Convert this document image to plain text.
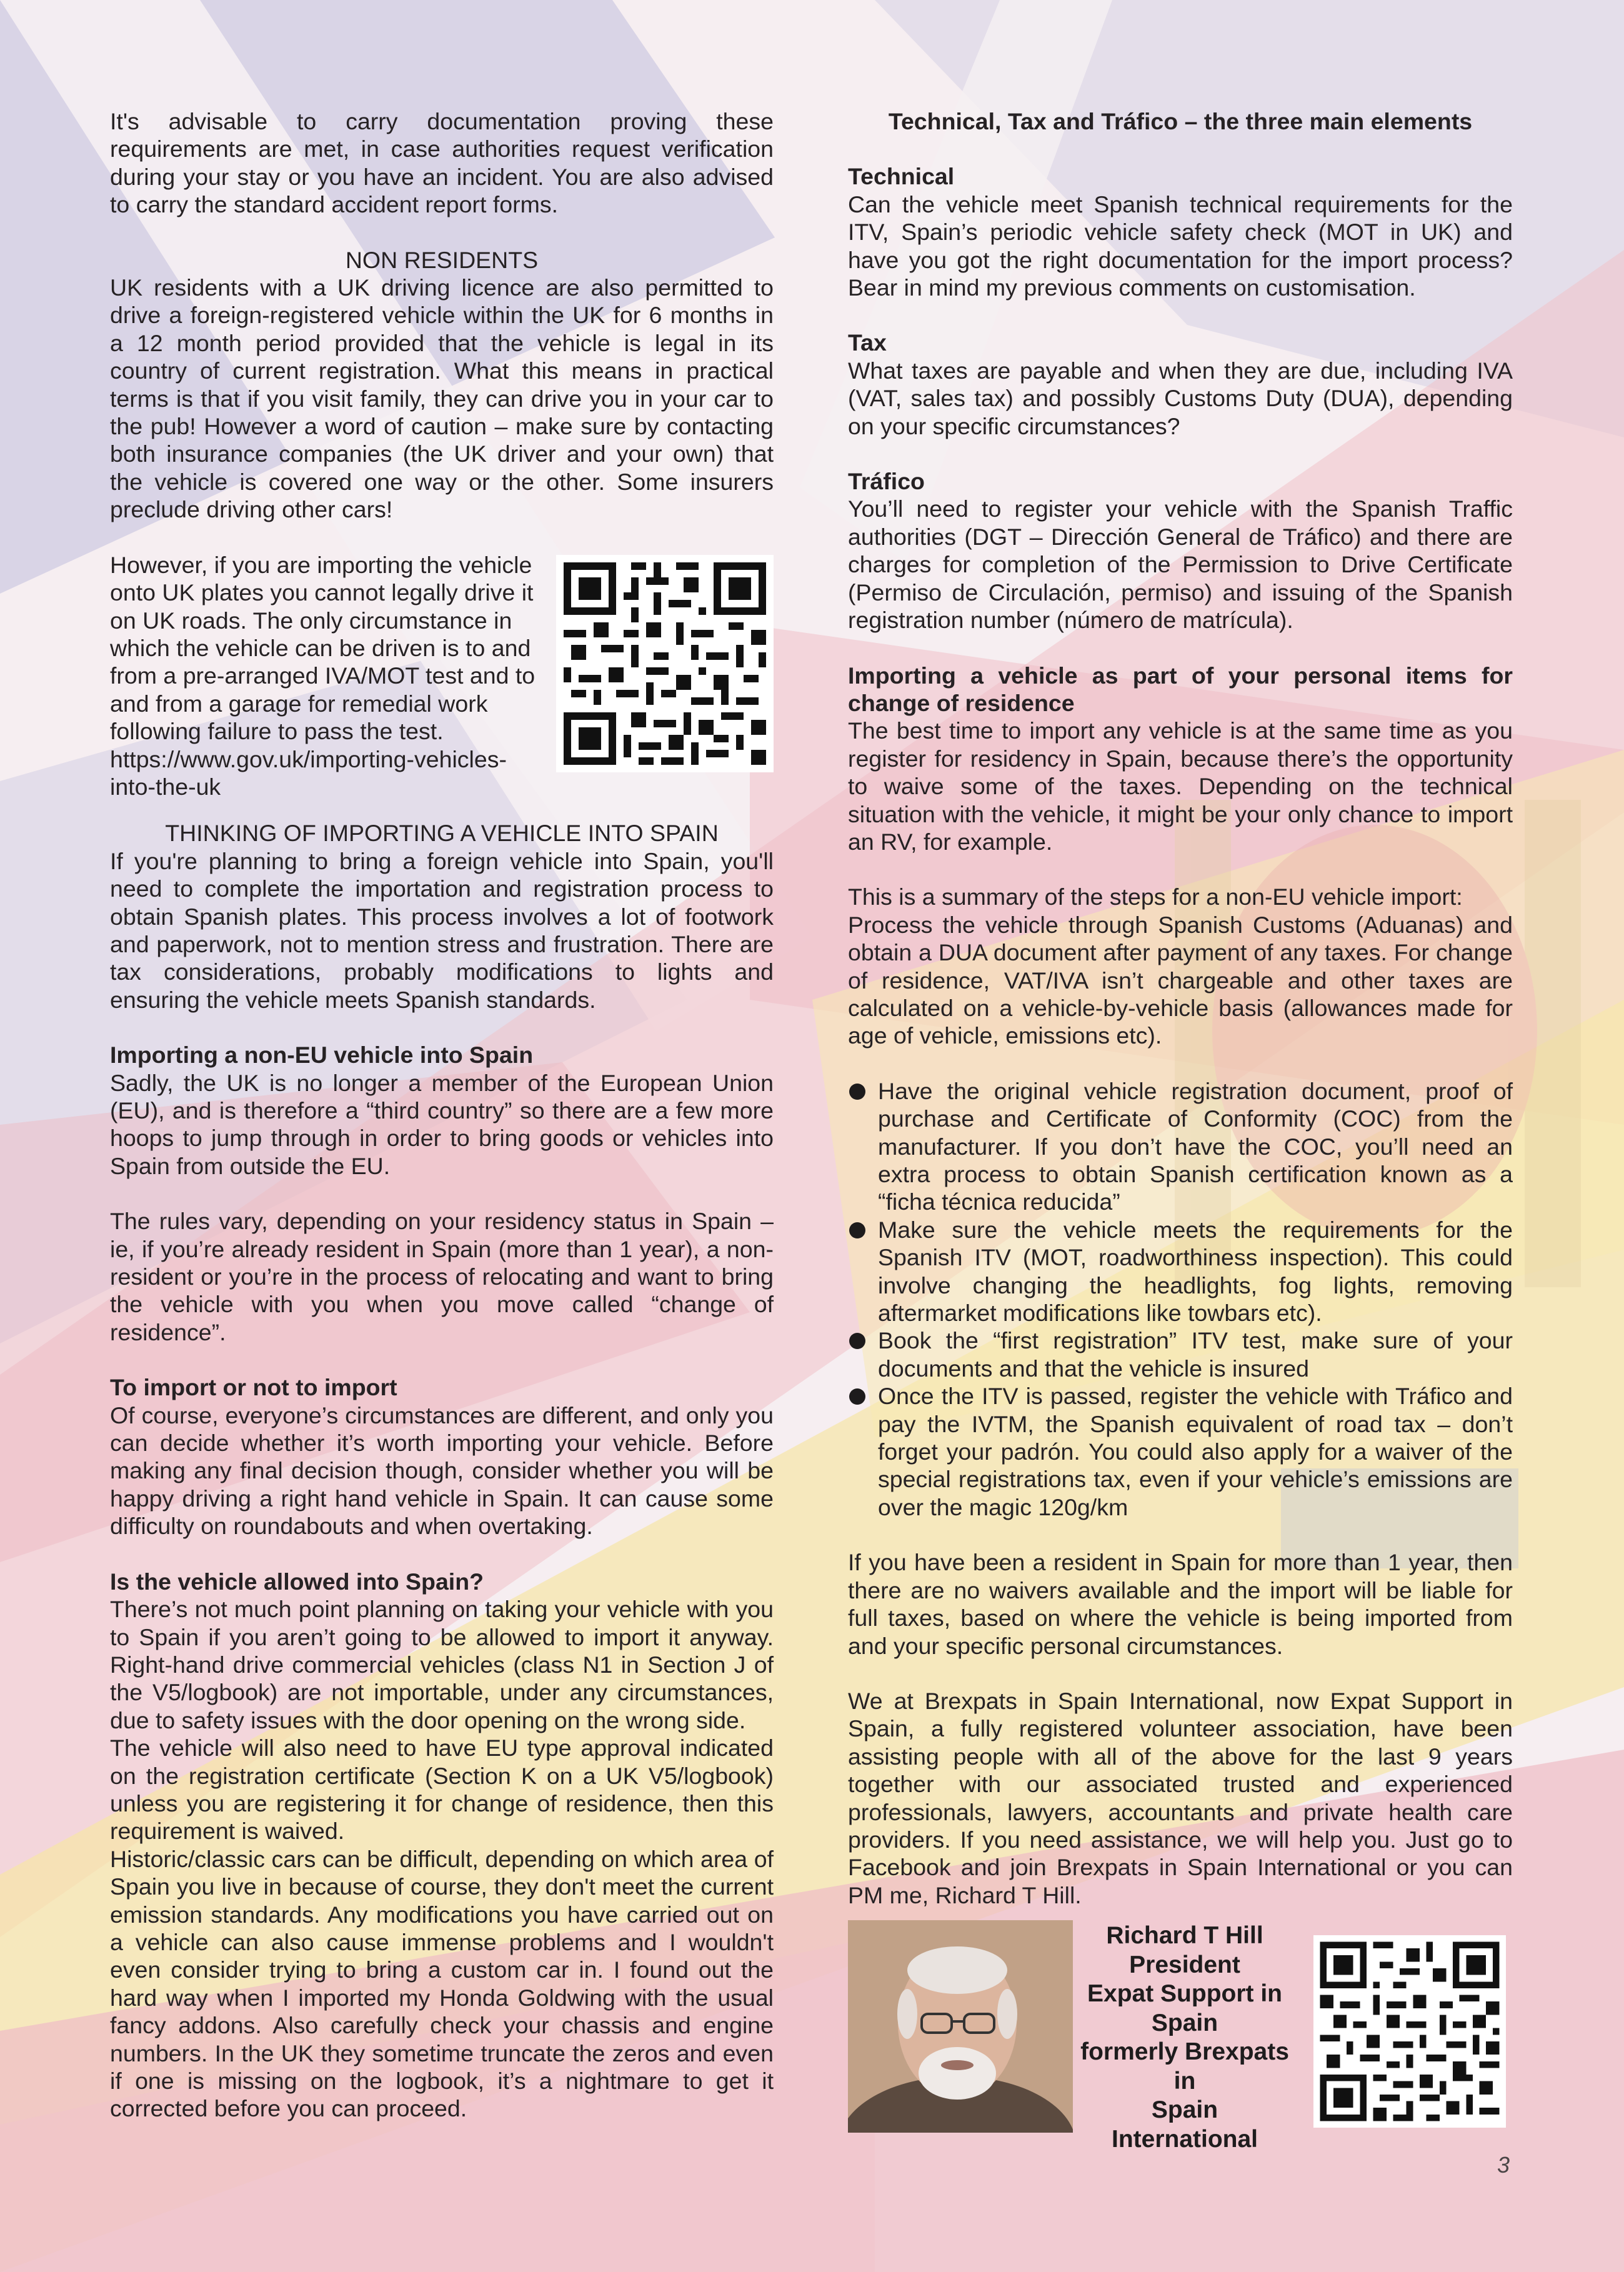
It's advisable to carry documentation proving these requirements are met, in case authorities request verification during your stay or you have an incident. You are also advised to carry the standard accident report forms.

NON RESIDENTS

UK residents with a UK driving licence are also permitted to drive a foreign-registered vehicle within the UK for 6 months in a 12 month period provided that the vehicle is legal in its country of current registration. What this means in practical terms is that if you visit family, they can drive you in your car to the pub! However a word of caution – make sure by contacting both insurance companies (the UK driver and your own) that the vehicle is covered one way or the other. Some insurers preclude driving other cars!

However, if you are importing the vehicle onto UK plates you cannot legally drive it on UK roads. The only circumstance in which the vehicle can be driven is to and from a pre-arranged IVA/MOT test and to and from a garage for remedial work following failure to pass the test.

https://www.gov.uk/importing-vehicles-into-the-uk

THINKING OF IMPORTING A VEHICLE INTO SPAIN

If you're planning to bring a foreign vehicle into Spain, you'll need to complete the importation and registration process to obtain Spanish plates. This process involves a lot of footwork and paperwork, not to mention stress and frustration. There are tax considerations, probably modifications to lights and ensuring the vehicle meets Spanish standards.

Importing a non-EU vehicle into Spain

Sadly, the UK is no longer a member of the European Union (EU), and is therefore a “third country” so there are a few more hoops to jump through in order to bring goods or vehicles into Spain from outside the EU.

The rules vary, depending on your residency status in Spain – ie, if you’re already resident in Spain (more than 1 year), a non-resident or you’re in the process of relocating and want to bring the vehicle with you when you move called “change of residence”.

To import or not to import

Of course, everyone’s circumstances are different, and only you can decide whether it’s worth importing your vehicle. Before making any final decision though, consider whether you will be happy driving a right hand vehicle in Spain. It can cause some difficulty on roundabouts and when overtaking.

Is the vehicle allowed into Spain?

There’s not much point planning on taking your vehicle with you to Spain if you aren’t going to be allowed to import it anyway. Right-hand drive commercial vehicles (class N1 in Section J of the V5/logbook) are not importable, under any circumstances, due to safety issues with the door opening on the wrong side.

The vehicle will also need to have EU type approval indicated on the registration certificate (Section K on a UK V5/logbook) unless you are registering it for change of residence, then this requirement is waived.

Historic/classic cars can be difficult, depending on which area of Spain you live in because of course, they don't meet the current emission standards. Any modifications you have carried out on a vehicle can also cause immense problems and I wouldn't even consider trying to bring a custom car in. I found out the hard way when I imported my Honda Goldwing with the usual fancy addons. Also carefully check your chassis and engine numbers. In the UK they sometime truncate the zeros and even if one is missing on the logbook, it’s a nightmare to get it corrected before you can proceed.

Technical, Tax and Tráfico – the three main elements
Technical

Can the vehicle meet Spanish technical requirements for the ITV, Spain’s periodic vehicle safety check (MOT in UK) and have you got the right documentation for the import process? Bear in mind my previous comments on customisation.

Tax

What taxes are payable and when they are due, including IVA (VAT, sales tax) and possibly Customs Duty (DUA), depending on your specific circumstances?

Tráfico

You’ll need to register your vehicle with the Spanish Traffic authorities (DGT – Dirección General de Tráfico) and there are charges for completion of the Permission to Drive Certificate (Permiso de Circulación, permiso) and issuing of the Spanish registration number (número de matrícula).

Importing a vehicle as part of your personal items for change of residence

The best time to import any vehicle is at the same time as you register for residency in Spain, because there’s the opportunity to waive some of the taxes. Depending on the technical situation with the vehicle, it might be your only chance to import an RV, for example.

This is a summary of the steps for a non-EU vehicle import:

Process the vehicle through Spanish Customs (Aduanas) and obtain a DUA document after payment of any taxes. For change of residence, VAT/IVA isn’t chargeable and other taxes are calculated on a vehicle-by-vehicle basis (allowances made for age of vehicle, emissions etc).

Have the original vehicle registration document, proof of purchase and Certificate of Conformity (COC) from the manufacturer. If you don’t have the COC, you’ll need an extra process to obtain Spanish certification known as a “ficha técnica reducida”
Make sure the vehicle meets the requirements for the Spanish ITV (MOT, roadworthiness inspection). This could involve changing the headlights, fog lights, removing aftermarket modifications like towbars etc).
Book the “first registration” ITV test, make sure of your documents and that the vehicle is insured
Once the ITV is passed, register the vehicle with Tráfico and pay the IVTM, the Spanish equivalent of road tax – don’t forget your padrón. You could also apply for a waiver of the special registrations tax, even if your vehicle’s emissions are over the magic 120g/km

If you have been a resident in Spain for more than 1 year, then there are no waivers available and the import will be liable for full taxes, based on where the vehicle is being imported from and your specific personal circumstances.

We at Brexpats in Spain International, now Expat Support in Spain, a fully registered volunteer association, have been assisting people with all of the above for the last 9 years together with our associated trusted and experienced professionals, lawyers, accountants and private health care providers. If you need assistance, we will help you. Just go to Facebook and join Brexpats in Spain International or you can PM me, Richard T Hill.

Richard T Hill
President
Expat Support in
Spain
formerly Brexpats
in
Spain International
3
